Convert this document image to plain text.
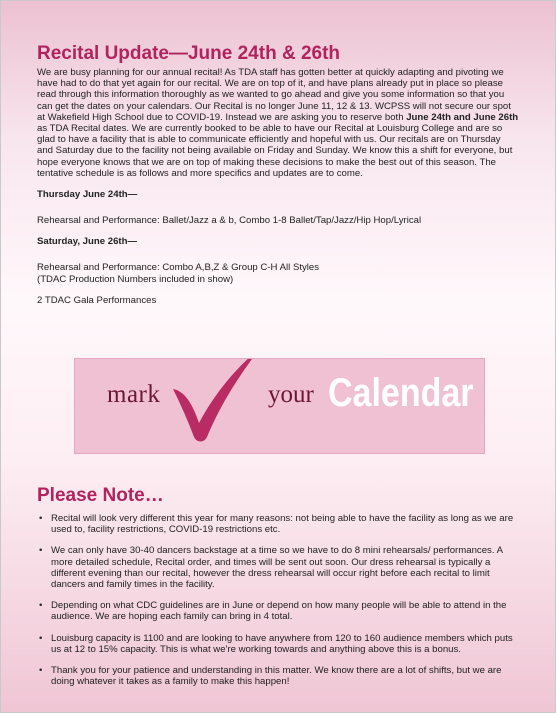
Recital Update—June 24th & 26th

We are busy planning for our annual recital! As TDA staff has gotten better at quickly adapting and pivoting we have had to do that yet again for our recital. We are on top of it, and have plans already put in place so please read through this information thoroughly as we wanted to go ahead and give you some information so that you can get the dates on your calendars. Our Recital is no longer June 11, 12 & 13. WCPSS will not secure our spot at Wakefield High School due to COVID-19. Instead we are asking you to reserve both June 24th and June 26th as TDA Recital dates. We are currently booked to be able to have our Recital at Louisburg College and are so glad to have a facility that is able to communicate efficiently and hopeful with us. Our recitals are on Thursday and Saturday due to the facility not being available on Friday and Sunday. We know this a shift for everyone, but hope everyone knows that we are on top of making these decisions to make the best out of this season. The tentative schedule is as follows and more specifics and updates are to come.

Thursday June 24th—

Rehearsal and Performance: Ballet/Jazz a & b, Combo 1-8 Ballet/Tap/Jazz/Hip Hop/Lyrical

Saturday, June 26th—

Rehearsal and Performance: Combo A,B,Z & Group C-H All Styles

(TDAC Production Numbers included in show)

2 TDAC Gala Performances

mark	your Calendar
Please Note…
• Recital will look very different this year for many reasons: not being able to have the facility as long as we are used to, facility restrictions, COVID-19 restrictions etc.
• We can only have 30-40 dancers backstage at a time so we have to do 8 mini rehearsals/ performances. A more detailed schedule, Recital order, and times will be sent out soon. Our dress rehearsal is typically a different evening than our recital, however the dress rehearsal will occur right before each recital to limit dancers and family times in the facility.
• Depending on what CDC guidelines are in June or depend on how many people will be able to attend in the audience. We are hoping each family can bring in 4 total.
• Louisburg capacity is 1100 and are looking to have anywhere from 120 to 160 audience members which puts us at 12 to 15% capacity. This is what we're working towards and anything above this is a bonus.
• Thank you for your patience and understanding in this matter. We know there are a lot of shifts, but we are doing whatever it takes as a family to make this happen!
